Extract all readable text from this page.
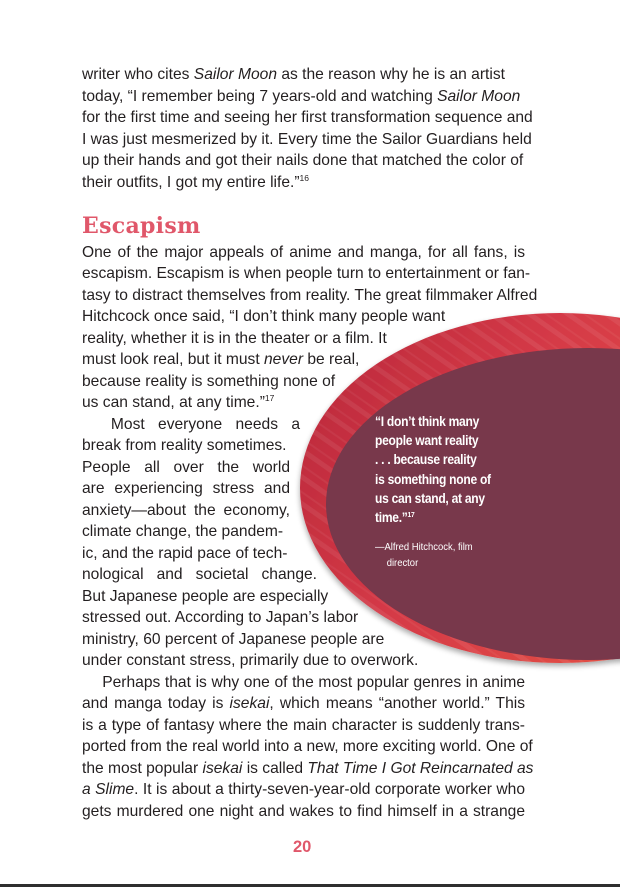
writer who cites Sailor Moon as the reason why he is an artist
today, “I remember being 7 years-old and watching Sailor Moon
for the first time and seeing her first transformation sequence and
I was just mesmerized by it. Every time the Sailor Guardians held
up their hands and got their nails done that matched the color of
their outfits, I got my entire life.”$^{16}$
Escapism
One of the major appeals of anime and manga, for all fans, is
escapism. Escapism is when people turn to entertainment or fan-
tasy to distract themselves from reality. The great filmmaker Alfred
Hitchcock once said, “I don’t think many people want
reality, whether it is in the theater or a film. It
must look real, but it must never be real,
because reality is something none of
us can stand, at any time.”$^{17}$
  Most everyone needs a
break from reality sometimes.
People all over the world
are experiencing stress and
anxiety—about the economy,
climate change, the pandem-
ic, and the rapid pace of tech-
nological and societal change.
But Japanese people are especially
stressed out. According to Japan’s labor
ministry, 60 percent of Japanese people are
under constant stress, primarily due to overwork.
  Perhaps that is why one of the most popular genres in anime
and manga today is isekai, which means “another world.” This
is a type of fantasy where the main character is suddenly trans-
ported from the real world into a new, more exciting world. One of
the most popular isekai is called That Time I Got Reincarnated as
a Slime. It is about a thirty-seven-year-old corporate worker who
gets murdered one night and wakes to find himself in a strange
“I don’t think many
people want reality
. . . because reality
is something none of
us can stand, at any
time.”$^{17}$
—Alfred Hitchcock, film
director
20
